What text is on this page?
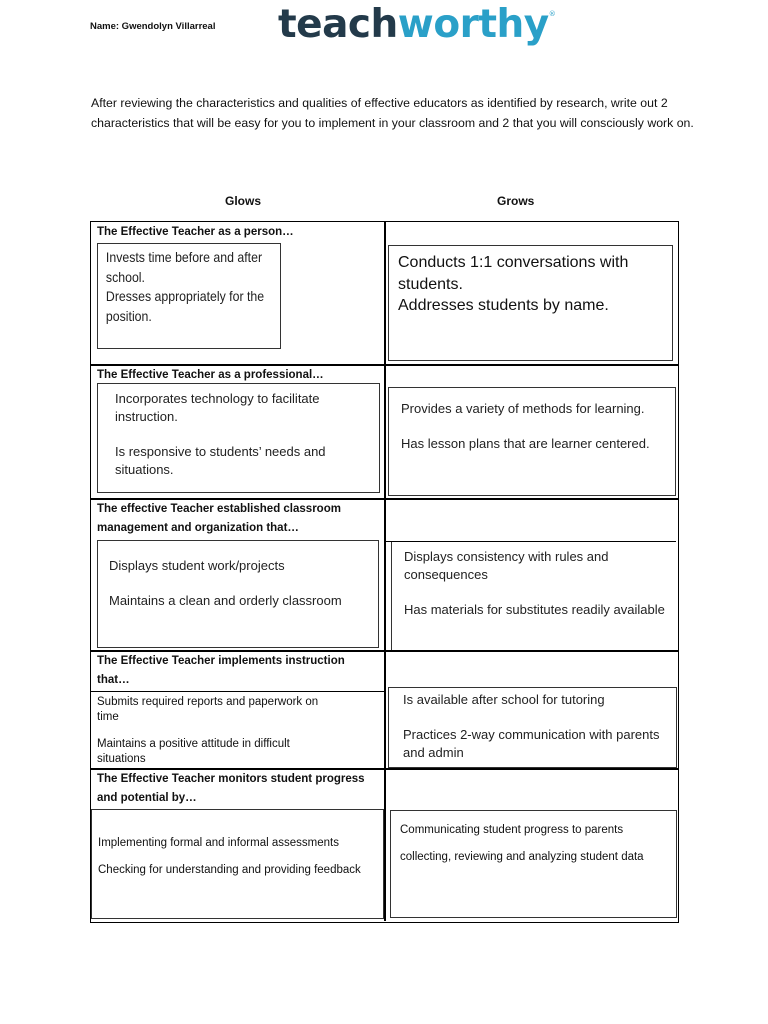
Name: Gwendolyn Villarreal teachworthy®
After reviewing the characteristics and qualities of effective educators as identified by research, write out 2 characteristics that will be easy for you to implement in your classroom and 2 that you will consciously work on.
Glows	Grows
The Effective Teacher as a person…
Invests time before and after school.
Dresses appropriately for the position.
Conducts 1:1 conversations with students.
Addresses students by name.
The Effective Teacher as a professional…
Incorporates technology to facilitate instruction.
Is responsive to students’ needs and situations.
Provides a variety of methods for learning.
Has lesson plans that are learner centered.
The effective Teacher established classroom management and organization that…
Displays student work/projects
Maintains a clean and orderly classroom
Displays consistency with rules and consequences
Has materials for substitutes readily available
The Effective Teacher implements instruction that…
Submits required reports and paperwork on time
Maintains a positive attitude in difficult situations
Is available after school for tutoring
Practices 2-way communication with parents and admin
The Effective Teacher monitors student progress and potential by…
Implementing formal and informal assessments
Checking for understanding and providing feedback
Communicating student progress to parents
collecting, reviewing and analyzing student data
